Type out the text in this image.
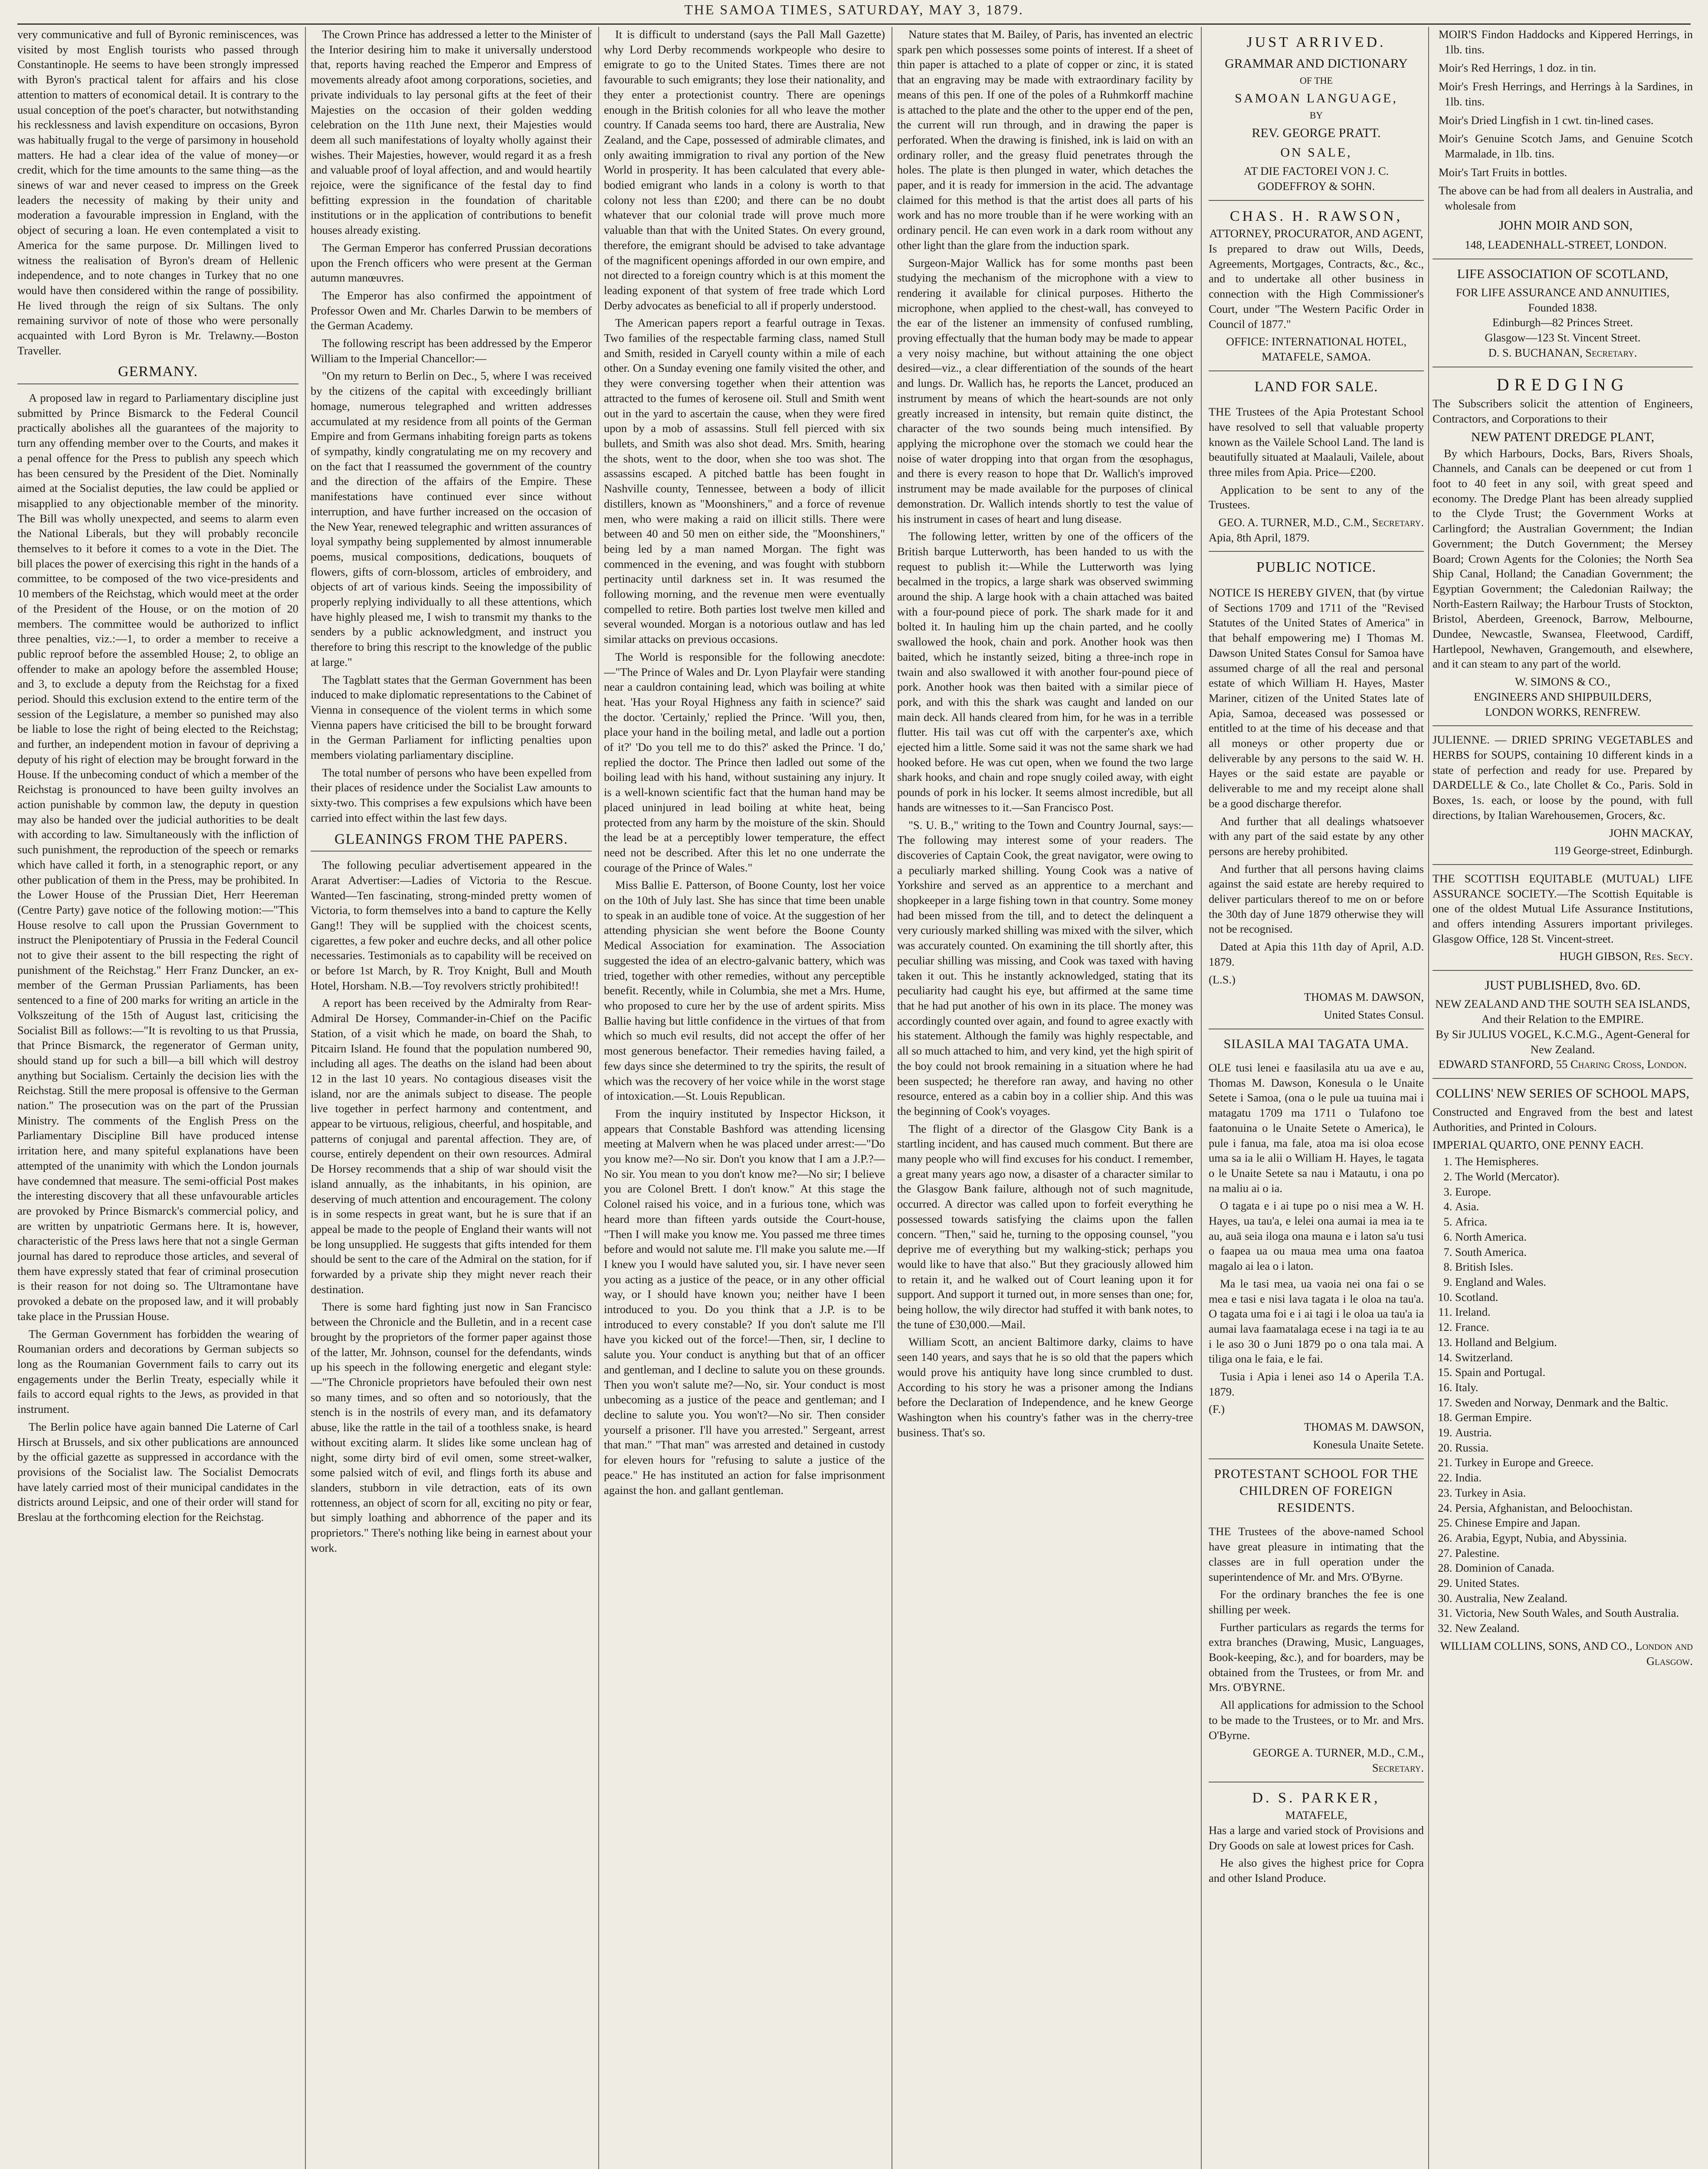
THE SAMOA TIMES, SATURDAY, MAY 3, 1879.

very communicative and full of Byronic reminiscences, was visited by most English tourists who passed through Constantinople. He seems to have been strongly impressed with Byron's practical talent for affairs and his close attention to matters of economical detail. It is contrary to the usual conception of the poet's character, but notwithstanding his recklessness and lavish expenditure on occasions, Byron was habitually frugal to the verge of parsimony in household matters. He had a clear idea of the value of money—or credit, which for the time amounts to the same thing—as the sinews of war and never ceased to impress on the Greek leaders the necessity of making by their unity and moderation a favourable impression in England, with the object of securing a loan. He even contemplated a visit to America for the same purpose. Dr. Millingen lived to witness the realisation of Byron's dream of Hellenic independence, and to note changes in Turkey that no one would have then considered within the range of possibility. He lived through the reign of six Sultans. The only remaining survivor of note of those who were personally acquainted with Lord Byron is Mr. Trelawny.—Boston Traveller.

GERMANY.

A proposed law in regard to Parliamentary discipline just submitted by Prince Bismarck to the Federal Council practically abolishes all the guarantees of the majority to turn any offending member over to the Courts, and makes it a penal offence for the Press to publish any speech which has been censured by the President of the Diet. Nominally aimed at the Socialist deputies, the law could be applied or misapplied to any objectionable member of the minority. The Bill was wholly unexpected, and seems to alarm even the National Liberals, but they will probably reconcile themselves to it before it comes to a vote in the Diet. The bill places the power of exercising this right in the hands of a committee, to be composed of the two vice-presidents and 10 members of the Reichstag, which would meet at the order of the President of the House, or on the motion of 20 members. The committee would be authorized to inflict three penalties, viz.:—1, to order a member to receive a public reproof before the assembled House; 2, to oblige an offender to make an apology before the assembled House; and 3, to exclude a deputy from the Reichstag for a fixed period. Should this exclusion extend to the entire term of the session of the Legislature, a member so punished may also be liable to lose the right of being elected to the Reichstag; and further, an independent motion in favour of depriving a deputy of his right of election may be brought forward in the House. If the unbecoming conduct of which a member of the Reichstag is pronounced to have been guilty involves an action punishable by common law, the deputy in question may also be handed over the judicial authorities to be dealt with according to law. Simultaneously with the infliction of such punishment, the reproduction of the speech or remarks which have called it forth, in a stenographic report, or any other publication of them in the Press, may be prohibited. In the Lower House of the Prussian Diet, Herr Heereman (Centre Party) gave notice of the following motion:—"This House resolve to call upon the Prussian Government to instruct the Plenipotentiary of Prussia in the Federal Council not to give their assent to the bill respecting the right of punishment of the Reichstag." Herr Franz Duncker, an ex-member of the German Prussian Parliaments, has been sentenced to a fine of 200 marks for writing an article in the Volkszeitung of the 15th of August last, criticising the Socialist Bill as follows:—"It is revolting to us that Prussia, that Prince Bismarck, the regenerator of German unity, should stand up for such a bill—a bill which will destroy anything but Socialism. Certainly the decision lies with the Reichstag. Still the mere proposal is offensive to the German nation." The prosecution was on the part of the Prussian Ministry. The comments of the English Press on the Parliamentary Discipline Bill have produced intense irritation here, and many spiteful explanations have been attempted of the unanimity with which the London journals have condemned that measure. The semi-official Post makes the interesting discovery that all these unfavourable articles are provoked by Prince Bismarck's commercial policy, and are written by unpatriotic Germans here. It is, however, characteristic of the Press laws here that not a single German journal has dared to reproduce those articles, and several of them have expressly stated that fear of criminal prosecution is their reason for not doing so. The Ultramontane have provoked a debate on the proposed law, and it will probably take place in the Prussian House.

The German Government has forbidden the wearing of Roumanian orders and decorations by German subjects so long as the Roumanian Government fails to carry out its engagements under the Berlin Treaty, especially while it fails to accord equal rights to the Jews, as provided in that instrument.

The Berlin police have again banned Die Laterne of Carl Hirsch at Brussels, and six other publications are announced by the official gazette as suppressed in accordance with the provisions of the Socialist law. The Socialist Democrats have lately carried most of their municipal candidates in the districts around Leipsic, and one of their order will stand for Breslau at the forthcoming election for the Reichstag.

The Crown Prince has addressed a letter to the Minister of the Interior desiring him to make it universally understood that, reports having reached the Emperor and Empress of movements already afoot among corporations, societies, and private individuals to lay personal gifts at the feet of their Majesties on the occasion of their golden wedding celebration on the 11th June next, their Majesties would deem all such manifestations of loyalty wholly against their wishes. Their Majesties, however, would regard it as a fresh and valuable proof of loyal affection, and and would heartily rejoice, were the significance of the festal day to find befitting expression in the foundation of charitable institutions or in the application of contributions to benefit houses already existing.

The German Emperor has conferred Prussian decorations upon the French officers who were present at the German autumn manœuvres.

The Emperor has also confirmed the appointment of Professor Owen and Mr. Charles Darwin to be members of the German Academy.

The following rescript has been addressed by the Emperor William to the Imperial Chancellor:—

"On my return to Berlin on Dec., 5, where I was received by the citizens of the capital with exceedingly brilliant homage, numerous telegraphed and written addresses accumulated at my residence from all points of the German Empire and from Germans inhabiting foreign parts as tokens of sympathy, kindly congratulating me on my recovery and on the fact that I reassumed the government of the country and the direction of the affairs of the Empire. These manifestations have continued ever since without interruption, and have further increased on the occasion of the New Year, renewed telegraphic and written assurances of loyal sympathy being supplemented by almost innumerable poems, musical compositions, dedications, bouquets of flowers, gifts of corn-blossom, articles of embroidery, and objects of art of various kinds. Seeing the impossibility of properly replying individually to all these attentions, which have highly pleased me, I wish to transmit my thanks to the senders by a public acknowledgment, and instruct you therefore to bring this rescript to the knowledge of the public at large."

The Tagblatt states that the German Government has been induced to make diplomatic representations to the Cabinet of Vienna in consequence of the violent terms in which some Vienna papers have criticised the bill to be brought forward in the German Parliament for inflicting penalties upon members violating parliamentary discipline.

The total number of persons who have been expelled from their places of residence under the Socialist Law amounts to sixty-two. This comprises a few expulsions which have been carried into effect within the last few days.

GLEANINGS FROM THE PAPERS.

The following peculiar advertisement appeared in the Ararat Advertiser:—Ladies of Victoria to the Rescue. Wanted—Ten fascinating, strong-minded pretty women of Victoria, to form themselves into a band to capture the Kelly Gang!! They will be supplied with the choicest scents, cigarettes, a few poker and euchre decks, and all other police necessaries. Testimonials as to capability will be received on or before 1st March, by R. Troy Knight, Bull and Mouth Hotel, Horsham. N.B.—Toy revolvers strictly prohibited!!

A report has been received by the Admiralty from Rear-Admiral De Horsey, Commander-in-Chief on the Pacific Station, of a visit which he made, on board the Shah, to Pitcairn Island. He found that the population numbered 90, including all ages. The deaths on the island had been about 12 in the last 10 years. No contagious diseases visit the island, nor are the animals subject to disease. The people live together in perfect harmony and contentment, and appear to be virtuous, religious, cheerful, and hospitable, and patterns of conjugal and parental affection. They are, of course, entirely dependent on their own resources. Admiral De Horsey recommends that a ship of war should visit the island annually, as the inhabitants, in his opinion, are deserving of much attention and encouragement. The colony is in some respects in great want, but he is sure that if an appeal be made to the people of England their wants will not be long unsupplied. He suggests that gifts intended for them should be sent to the care of the Admiral on the station, for if forwarded by a private ship they might never reach their destination.

There is some hard fighting just now in San Francisco between the Chronicle and the Bulletin, and in a recent case brought by the proprietors of the former paper against those of the latter, Mr. Johnson, counsel for the defendants, winds up his speech in the following energetic and elegant style:—"The Chronicle proprietors have befouled their own nest so many times, and so often and so notoriously, that the stench is in the nostrils of every man, and its defamatory abuse, like the rattle in the tail of a toothless snake, is heard without exciting alarm. It slides like some unclean hag of night, some dirty bird of evil omen, some street-walker, some palsied witch of evil, and flings forth its abuse and slanders, stubborn in vile detraction, eats of its own rottenness, an object of scorn for all, exciting no pity or fear, but simply loathing and abhorrence of the paper and its proprietors." There's nothing like being in earnest about your work.

It is difficult to understand (says the Pall Mall Gazette) why Lord Derby recommends workpeople who desire to emigrate to go to the United States. Times there are not favourable to such emigrants; they lose their nationality, and they enter a protectionist country. There are openings enough in the British colonies for all who leave the mother country. If Canada seems too hard, there are Australia, New Zealand, and the Cape, possessed of admirable climates, and only awaiting immigration to rival any portion of the New World in prosperity. It has been calculated that every able-bodied emigrant who lands in a colony is worth to that colony not less than £200; and there can be no doubt whatever that our colonial trade will prove much more valuable than that with the United States. On every ground, therefore, the emigrant should be advised to take advantage of the magnificent openings afforded in our own empire, and not directed to a foreign country which is at this moment the leading exponent of that system of free trade which Lord Derby advocates as beneficial to all if properly understood.

The American papers report a fearful outrage in Texas. Two families of the respectable farming class, named Stull and Smith, resided in Caryell county within a mile of each other. On a Sunday evening one family visited the other, and they were conversing together when their attention was attracted to the fumes of kerosene oil. Stull and Smith went out in the yard to ascertain the cause, when they were fired upon by a mob of assassins. Stull fell pierced with six bullets, and Smith was also shot dead. Mrs. Smith, hearing the shots, went to the door, when she too was shot. The assassins escaped. A pitched battle has been fought in Nashville county, Tennessee, between a body of illicit distillers, known as "Moonshiners," and a force of revenue men, who were making a raid on illicit stills. There were between 40 and 50 men on either side, the "Moonshiners," being led by a man named Morgan. The fight was commenced in the evening, and was fought with stubborn pertinacity until darkness set in. It was resumed the following morning, and the revenue men were eventually compelled to retire. Both parties lost twelve men killed and several wounded. Morgan is a notorious outlaw and has led similar attacks on previous occasions.

The World is responsible for the following anecdote:—"The Prince of Wales and Dr. Lyon Playfair were standing near a cauldron containing lead, which was boiling at white heat. 'Has your Royal Highness any faith in science?' said the doctor. 'Certainly,' replied the Prince. 'Will you, then, place your hand in the boiling metal, and ladle out a portion of it?' 'Do you tell me to do this?' asked the Prince. 'I do,' replied the doctor. The Prince then ladled out some of the boiling lead with his hand, without sustaining any injury. It is a well-known scientific fact that the human hand may be placed uninjured in lead boiling at white heat, being protected from any harm by the moisture of the skin. Should the lead be at a perceptibly lower temperature, the effect need not be described. After this let no one underrate the courage of the Prince of Wales."

Miss Ballie E. Patterson, of Boone County, lost her voice on the 10th of July last. She has since that time been unable to speak in an audible tone of voice. At the suggestion of her attending physician she went before the Boone County Medical Association for examination. The Association suggested the idea of an electro-galvanic battery, which was tried, together with other remedies, without any perceptible benefit. Recently, while in Columbia, she met a Mrs. Hume, who proposed to cure her by the use of ardent spirits. Miss Ballie having but little confidence in the virtues of that from which so much evil results, did not accept the offer of her most generous benefactor. Their remedies having failed, a few days since she determined to try the spirits, the result of which was the recovery of her voice while in the worst stage of intoxication.—St. Louis Republican.

From the inquiry instituted by Inspector Hickson, it appears that Constable Bashford was attending licensing meeting at Malvern when he was placed under arrest:—"Do you know me?—No sir. Don't you know that I am a J.P.?—No sir. You mean to you don't know me?—No sir; I believe you are Colonel Brett. I don't know." At this stage the Colonel raised his voice, and in a furious tone, which was heard more than fifteen yards outside the Court-house, "Then I will make you know me. You passed me three times before and would not salute me. I'll make you salute me.—If I knew you I would have saluted you, sir. I have never seen you acting as a justice of the peace, or in any other official way, or I should have known you; neither have I been introduced to you. Do you think that a J.P. is to be introduced to every constable? If you don't salute me I'll have you kicked out of the force!—Then, sir, I decline to salute you. Your conduct is anything but that of an officer and gentleman, and I decline to salute you on these grounds. Then you won't salute me?—No, sir. Your conduct is most unbecoming as a justice of the peace and gentleman; and I decline to salute you. You won't?—No sir. Then consider yourself a prisoner. I'll have you arrested." Sergeant, arrest that man." "That man" was arrested and detained in custody for eleven hours for "refusing to salute a justice of the peace." He has instituted an action for false imprisonment against the hon. and gallant gentleman.

Nature states that M. Bailey, of Paris, has invented an electric spark pen which possesses some points of interest. If a sheet of thin paper is attached to a plate of copper or zinc, it is stated that an engraving may be made with extraordinary facility by means of this pen. If one of the poles of a Ruhmkorff machine is attached to the plate and the other to the upper end of the pen, the current will run through, and in drawing the paper is perforated. When the drawing is finished, ink is laid on with an ordinary roller, and the greasy fluid penetrates through the holes. The plate is then plunged in water, which detaches the paper, and it is ready for immersion in the acid. The advantage claimed for this method is that the artist does all parts of his work and has no more trouble than if he were working with an ordinary pencil. He can even work in a dark room without any other light than the glare from the induction spark.

Surgeon-Major Wallick has for some months past been studying the mechanism of the microphone with a view to rendering it available for clinical purposes. Hitherto the microphone, when applied to the chest-wall, has conveyed to the ear of the listener an immensity of confused rumbling, proving effectually that the human body may be made to appear a very noisy machine, but without attaining the one object desired—viz., a clear differentiation of the sounds of the heart and lungs. Dr. Wallich has, he reports the Lancet, produced an instrument by means of which the heart-sounds are not only greatly increased in intensity, but remain quite distinct, the character of the two sounds being much intensified. By applying the microphone over the stomach we could hear the noise of water dropping into that organ from the œsophagus, and there is every reason to hope that Dr. Wallich's improved instrument may be made available for the purposes of clinical demonstration. Dr. Wallich intends shortly to test the value of his instrument in cases of heart and lung disease.

The following letter, written by one of the officers of the British barque Lutterworth, has been handed to us with the request to publish it:—While the Lutterworth was lying becalmed in the tropics, a large shark was observed swimming around the ship. A large hook with a chain attached was baited with a four-pound piece of pork. The shark made for it and bolted it. In hauling him up the chain parted, and he coolly swallowed the hook, chain and pork. Another hook was then baited, which he instantly seized, biting a three-inch rope in twain and also swallowed it with another four-pound piece of pork. Another hook was then baited with a similar piece of pork, and with this the shark was caught and landed on our main deck. All hands cleared from him, for he was in a terrible flutter. His tail was cut off with the carpenter's axe, which ejected him a little. Some said it was not the same shark we had hooked before. He was cut open, when we found the two large shark hooks, and chain and rope snugly coiled away, with eight pounds of pork in his locker. It seems almost incredible, but all hands are witnesses to it.—San Francisco Post.

"S. U. B.," writing to the Town and Country Journal, says:—The following may interest some of your readers. The discoveries of Captain Cook, the great navigator, were owing to a peculiarly marked shilling. Young Cook was a native of Yorkshire and served as an apprentice to a merchant and shopkeeper in a large fishing town in that country. Some money had been missed from the till, and to detect the delinquent a very curiously marked shilling was mixed with the silver, which was accurately counted. On examining the till shortly after, this peculiar shilling was missing, and Cook was taxed with having taken it out. This he instantly acknowledged, stating that its peculiarity had caught his eye, but affirmed at the same time that he had put another of his own in its place. The money was accordingly counted over again, and found to agree exactly with his statement. Although the family was highly respectable, and all so much attached to him, and very kind, yet the high spirit of the boy could not brook remaining in a situation where he had been suspected; he therefore ran away, and having no other resource, entered as a cabin boy in a collier ship. And this was the beginning of Cook's voyages.

The flight of a director of the Glasgow City Bank is a startling incident, and has caused much comment. But there are many people who will find excuses for his conduct. I remember, a great many years ago now, a disaster of a character similar to the Glasgow Bank failure, although not of such magnitude, occurred. A director was called upon to forfeit everything he possessed towards satisfying the claims upon the fallen concern. "Then," said he, turning to the opposing counsel, "you deprive me of everything but my walking-stick; perhaps you would like to have that also." But they graciously allowed him to retain it, and he walked out of Court leaning upon it for support. And support it turned out, in more senses than one; for, being hollow, the wily director had stuffed it with bank notes, to the tune of £30,000.—Mail.

William Scott, an ancient Baltimore darky, claims to have seen 140 years, and says that he is so old that the papers which would prove his antiquity have long since crumbled to dust. According to his story he was a prisoner among the Indians before the Declaration of Independence, and he knew George Washington when his country's father was in the cherry-tree business. That's so.

JUST ARRIVED.
GRAMMAR AND DICTIONARY
OF THE
SAMOAN LANGUAGE,
BY
REV. GEORGE PRATT.
ON SALE,
AT DIE FACTOREI VON J. C. GODEFFROY & SOHN.
CHAS. H. RAWSON,
ATTORNEY, PROCURATOR, AND AGENT,

Is prepared to draw out Wills, Deeds, Agreements, Mortgages, Contracts, &c., &c., and to undertake all other business in connection with the High Commissioner's Court, under "The Western Pacific Order in Council of 1877."

OFFICE: INTERNATIONAL HOTEL,
MATAFELE, SAMOA.
LAND FOR SALE.

THE Trustees of the Apia Protestant School have resolved to sell that valuable property known as the Vailele School Land. The land is beautifully situated at Maalauli, Vailele, about three miles from Apia. Price—£200.

Application to be sent to any of the Trustees.

GEO. A. TURNER, M.D., C.M., Secretary.
Apia, 8th April, 1879.
PUBLIC NOTICE.

NOTICE IS HEREBY GIVEN, that (by virtue of Sections 1709 and 1711 of the "Revised Statutes of the United States of America" in that behalf empowering me) I Thomas M. Dawson United States Consul for Samoa have assumed charge of all the real and personal estate of which William H. Hayes, Master Mariner, citizen of the United States late of Apia, Samoa, deceased was possessed or entitled to at the time of his decease and that all moneys or other property due or deliverable by any persons to the said W. H. Hayes or the said estate are payable or deliverable to me and my receipt alone shall be a good discharge therefor.

And further that all dealings whatsoever with any part of the said estate by any other persons are hereby prohibited.

And further that all persons having claims against the said estate are hereby required to deliver particulars thereof to me on or before the 30th day of June 1879 otherwise they will not be recognised.

Dated at Apia this 11th day of April, A.D. 1879.

(L.S.)
THOMAS M. DAWSON,
United States Consul.
SILASILA MAI TAGATA UMA.

OLE tusi lenei e faasilasila atu ua ave e au, Thomas M. Dawson, Konesula o le Unaite Setete i Samoa, (ona o le pule ua tuuina mai i matagatu 1709 ma 1711 o Tulafono toe faatonuina o le Unaite Setete o America), le pule i fanua, ma fale, atoa ma isi oloa ecose uma sa ia le alii o William H. Hayes, le tagata o le Unaite Setete sa nau i Matautu, i ona po na maliu ai o ia.

O tagata e i ai tupe po o nisi mea a W. H. Hayes, ua tau'a, e lelei ona aumai ia mea ia te au, auā seia iloga ona mauna e i laton sa'u tusi o faapea ua ou maua mea uma ona faatoa magalo ai lea o i laton.

Ma le tasi mea, ua vaoia nei ona fai o se mea e tasi e nisi lava tagata i le oloa na tau'a. O tagata uma foi e i ai tagi i le oloa ua tau'a ia aumai lava faamatalaga ecese i na tagi ia te au i le aso 30 o Juni 1879 po o ona tala mai. A tiliga ona le faia, e le fai.

Tusia i Apia i lenei aso 14 o Aperila T.A. 1879.

(F.)
THOMAS M. DAWSON,
Konesula Unaite Setete.
PROTESTANT SCHOOL FOR THE CHILDREN OF FOREIGN RESIDENTS.

THE Trustees of the above-named School have great pleasure in intimating that the classes are in full operation under the superintendence of Mr. and Mrs. O'Byrne.

For the ordinary branches the fee is one shilling per week.

Further particulars as regards the terms for extra branches (Drawing, Music, Languages, Book-keeping, &c.), and for boarders, may be obtained from the Trustees, or from Mr. and Mrs. O'BYRNE.

All applications for admission to the School to be made to the Trustees, or to Mr. and Mrs. O'Byrne.

GEORGE A. TURNER, M.D., C.M., Secretary.
D. S. PARKER,
MATAFELE,

Has a large and varied stock of Provisions and Dry Goods on sale at lowest prices for Cash.

He also gives the highest price for Copra and other Island Produce.

MOIR'S Findon Haddocks and Kippered Herrings, in 1lb. tins.
Moir's Red Herrings, 1 doz. in tin.
Moir's Fresh Herrings, and Herrings à la Sardines, in 1lb. tins.
Moir's Dried Lingfish in 1 cwt. tin-lined cases.
Moir's Genuine Scotch Jams, and Genuine Scotch Marmalade, in 1lb. tins.
Moir's Tart Fruits in bottles.
The above can be had from all dealers in Australia, and wholesale from
JOHN MOIR AND SON,
148, LEADENHALL-STREET, LONDON.
LIFE ASSOCIATION OF SCOTLAND,
FOR LIFE ASSURANCE AND ANNUITIES,
Founded 1838.
Edinburgh—82 Princes Street.
Glasgow—123 St. Vincent Street.
D. S. BUCHANAN, Secretary.
DREDGING

The Subscribers solicit the attention of Engineers, Contractors, and Corporations to their

NEW PATENT DREDGE PLANT,

By which Harbours, Docks, Bars, Rivers Shoals, Channels, and Canals can be deepened or cut from 1 foot to 40 feet in any soil, with great speed and economy. The Dredge Plant has been already supplied to the Clyde Trust; the Government Works at Carlingford; the Australian Government; the Indian Government; the Dutch Government; the Mersey Board; Crown Agents for the Colonies; the North Sea Ship Canal, Holland; the Canadian Government; the Egyptian Government; the Caledonian Railway; the North-Eastern Railway; the Harbour Trusts of Stockton, Bristol, Aberdeen, Greenock, Barrow, Melbourne, Dundee, Newcastle, Swansea, Fleetwood, Cardiff, Hartlepool, Newhaven, Grangemouth, and elsewhere, and it can steam to any part of the world.

W. SIMONS & CO.,
ENGINEERS AND SHIPBUILDERS,
LONDON WORKS, RENFREW.

JULIENNE. — DRIED SPRING VEGETABLES and HERBS for SOUPS, containing 10 different kinds in a state of perfection and ready for use. Prepared by DARDELLE & Co., late Chollet & Co., Paris. Sold in Boxes, 1s. each, or loose by the pound, with full directions, by Italian Warehousemen, Grocers, &c.

JOHN MACKAY,
119 George-street, Edinburgh.

THE SCOTTISH EQUITABLE (MUTUAL) LIFE ASSURANCE SOCIETY.—The Scottish Equitable is one of the oldest Mutual Life Assurance Institutions, and offers intending Assurers important privileges. Glasgow Office, 128 St. Vincent-street.

HUGH GIBSON, Res. Secy.
JUST PUBLISHED, 8vo. 6D.
NEW ZEALAND AND THE SOUTH SEA ISLANDS,
And their Relation to the EMPIRE.
By Sir JULIUS VOGEL, K.C.M.G., Agent-General for New Zealand.
EDWARD STANFORD, 55 Charing Cross, London.
COLLINS' NEW SERIES OF SCHOOL MAPS,

Constructed and Engraved from the best and latest Authorities, and Printed in Colours.

IMPERIAL QUARTO, ONE PENNY EACH.
1. The Hemispheres.
2. The World (Mercator).
3. Europe.
4. Asia.
5. Africa.
6. North America.
7. South America.
8. British Isles.
9. England and Wales.
10. Scotland.
11. Ireland.
12. France.
13. Holland and Belgium.
14. Switzerland.
15. Spain and Portugal.
16. Italy.
17. Sweden and Norway, Denmark and the Baltic.
18. German Empire.
19. Austria.
20. Russia.
21. Turkey in Europe and Greece.
22. India.
23. Turkey in Asia.
24. Persia, Afghanistan, and Beloochistan.
25. Chinese Empire and Japan.
26. Arabia, Egypt, Nubia, and Abyssinia.
27. Palestine.
28. Dominion of Canada.
29. United States.
30. Australia, New Zealand.
31. Victoria, New South Wales, and South Australia.
32. New Zealand.
WILLIAM COLLINS, SONS, AND CO., London and Glasgow.
